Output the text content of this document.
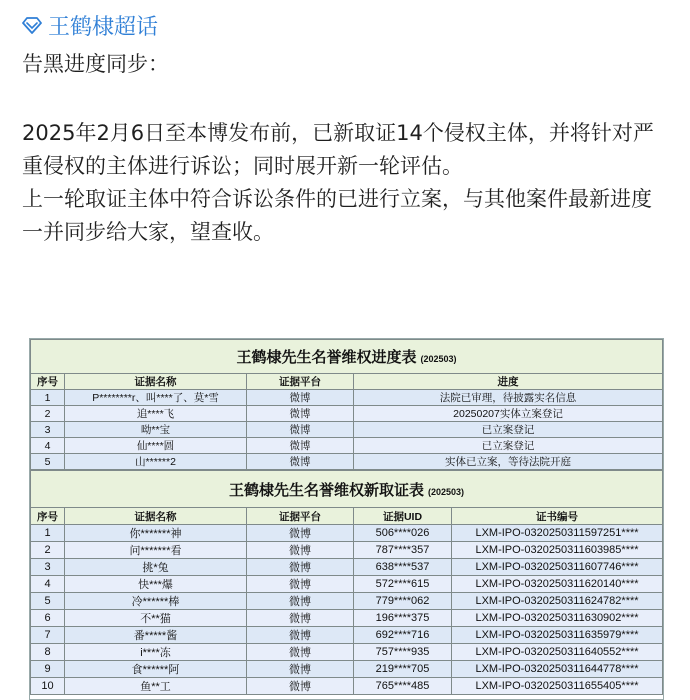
王鹤棣超话

告黑进度同步：

2025年2月6日至本博发布前，已新取证14个侵权主体，并将针对严重侵权的主体进行诉讼；同时展开新一轮评估。

上一轮取证主体中符合诉讼条件的已进行立案，与其他案件最新进度一并同步给大家，望查收。

王鹤棣先生名誉维权进度表 (202503)			
序号	证据名称	证据平台	进度
1	P********r、叫****了、莫*雪	微博	法院已审理，待披露实名信息
2	追****飞	微博	20250207实体立案登记
3	呦**宝	微博	已立案登记
4	仙****圆	微博	已立案登记
5	山******2	微博	实体已立案，等待法院开庭
王鹤棣先生名誉维权新取证表 (202503)				
序号	证据名称	证据平台	证据UID	证书编号
1	你*******神	微博	506****026	LXM-IPO-0320250311597251****
2	问*******看	微博	787****357	LXM-IPO-0320250311603985****
3	挑*兔	微博	638****537	LXM-IPO-0320250311607746****
4	快***爆	微博	572****615	LXM-IPO-0320250311620140****
5	冷******棒	微博	779****062	LXM-IPO-0320250311624782****
6	不**猫	微博	196****375	LXM-IPO-0320250311630902****
7	番*****酱	微博	692****716	LXM-IPO-0320250311635979****
8	i****冻	微博	757****935	LXM-IPO-0320250311640552****
9	食******阿	微博	219****705	LXM-IPO-0320250311644778****
10	鱼**工	微博	765****485	LXM-IPO-0320250311655405****
